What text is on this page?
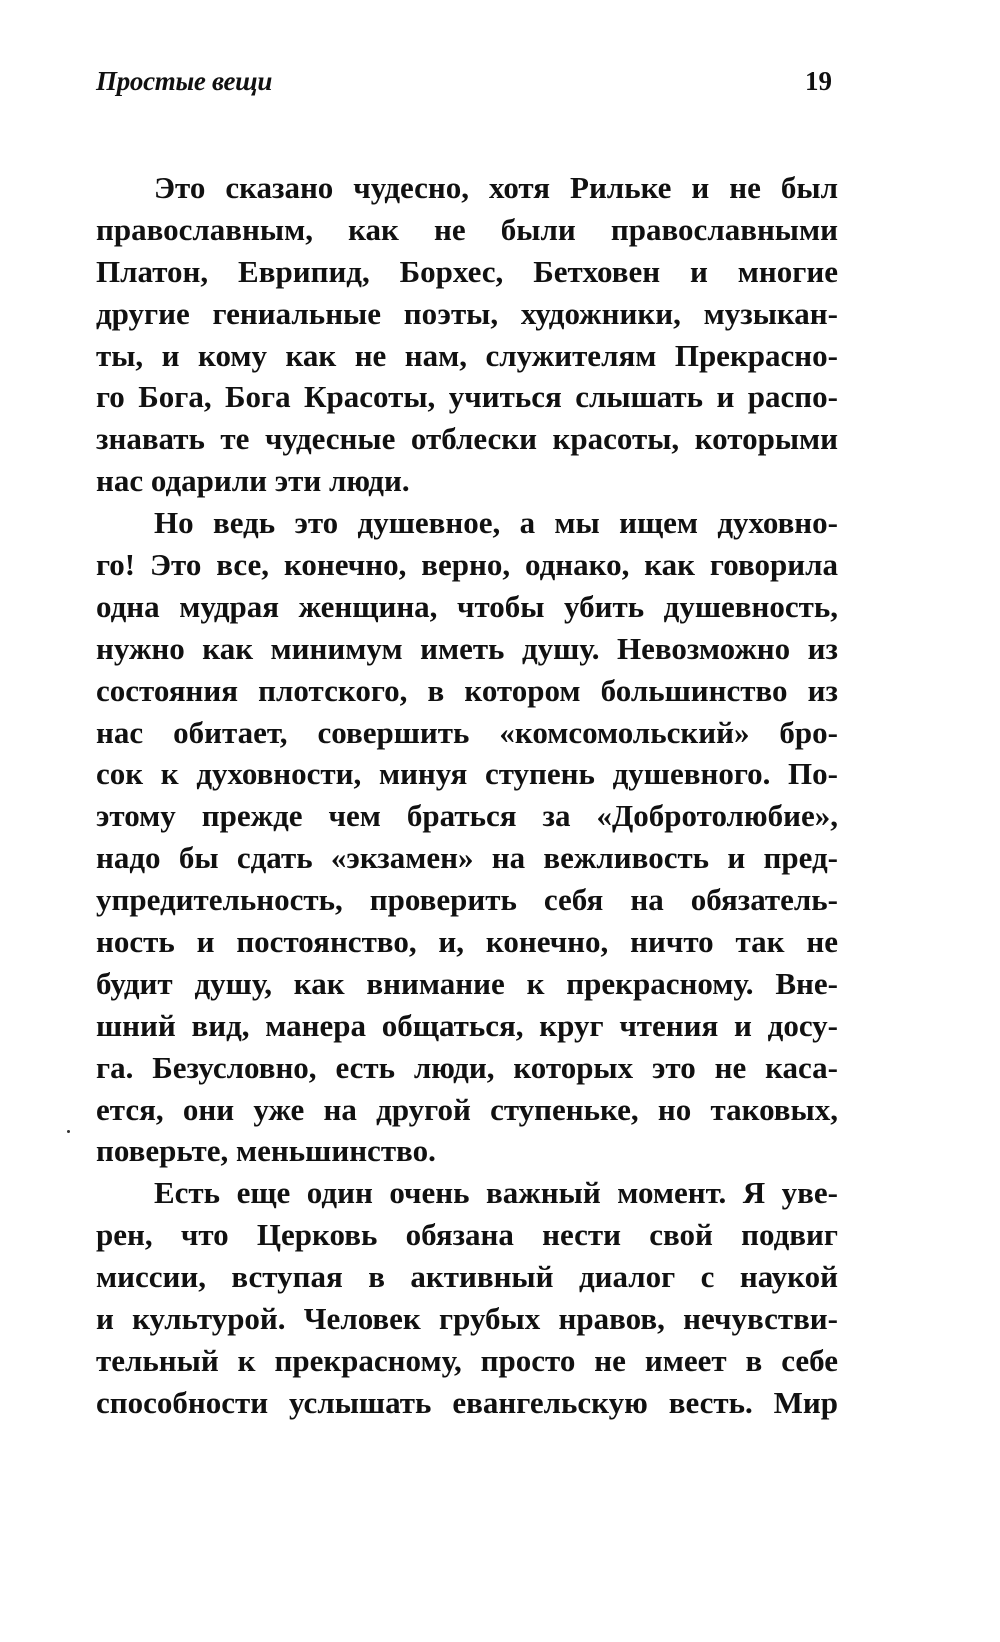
Простые вещи	19
Это сказано чудесно, хотя Рильке и не был
православным, как не были православными
Платон, Еврипид, Борхес, Бетховен и многие
другие гениальные поэты, художники, музыкан-
ты, и кому как не нам, служителям Прекрасно-
го Бога, Бога Красоты, учиться слышать и распо-
знавать те чудесные отблески красоты, которыми
нас одарили эти люди.
Но ведь это душевное, а мы ищем духовно-
го! Это все, конечно, верно, однако, как говорила
одна мудрая женщина, чтобы убить душевность,
нужно как минимум иметь душу. Невозможно из
состояния плотского, в котором большинство из
нас обитает, совершить «комсомольский» бро-
сок к духовности, минуя ступень душевного. По-
этому прежде чем браться за «Добротолюбие»,
надо бы сдать «экзамен» на вежливость и пред-
упредительность, проверить себя на обязатель-
ность и постоянство, и, конечно, ничто так не
будит душу, как внимание к прекрасному. Вне-
шний вид, манера общаться, круг чтения и досу-
га. Безусловно, есть люди, которых это не каса-
ется, они уже на другой ступеньке, но таковых,
поверьте, меньшинство.
Есть еще один очень важный момент. Я уве-
рен, что Церковь обязана нести свой подвиг
миссии, вступая в активный диалог с наукой
и культурой. Человек грубых нравов, нечувстви-
тельный к прекрасному, просто не имеет в себе
способности услышать евангельскую весть. Мир
